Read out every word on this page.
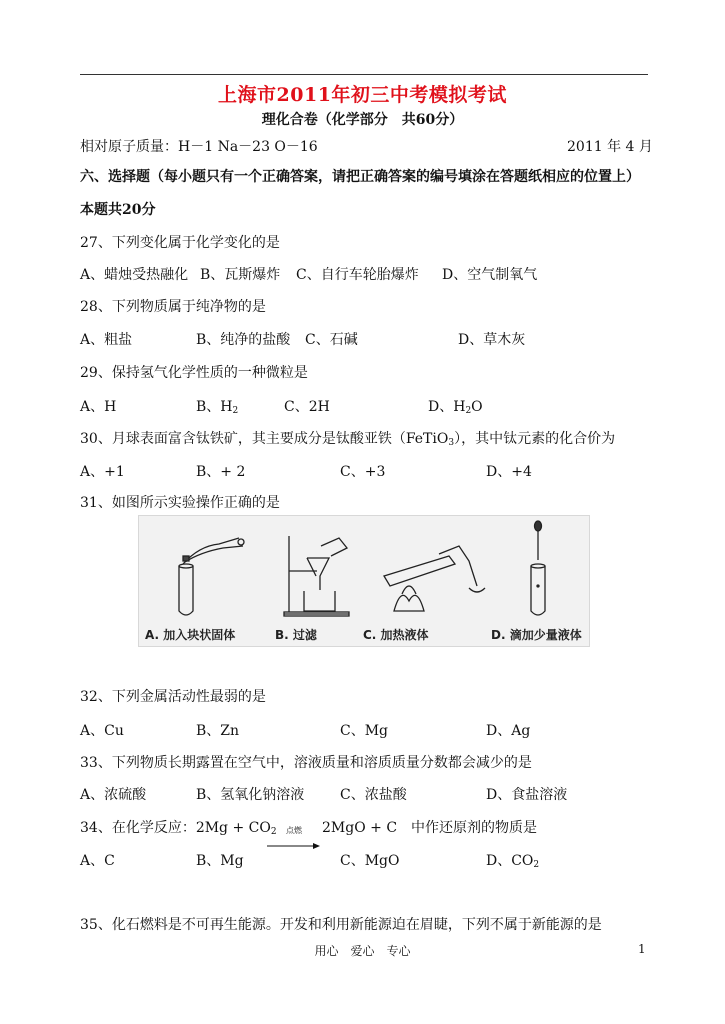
上海市2011年初三中考模拟考试
理化合卷（化学部分　共60分）
相对原子质量：H－1 Na－23 O－16	2011 年 4 月
六、选择题（每小题只有一个正确答案，请把正确答案的编号填涂在答题纸相应的位置上）
本题共20分
27、下列变化属于化学变化的是
A、蜡烛受热融化 B、瓦斯爆炸 C、自行车轮胎爆炸 D、空气制氧气
28、下列物质属于纯净物的是
A、粗盐	B、纯净的盐酸 C、石碱	D、草木灰
29、保持氢气化学性质的一种微粒是
A、H	B、$H_2$	C、2H	D、$H_2O$
30、月球表面富含钛铁矿，其主要成分是钛酸亚铁（FeTiO$_3$），其中钛元素的化合价为
A、+1	B、+ 2	C、+3	D、+4
31、如图所示实验操作正确的是
A. 加入块状固体	B. 过滤	C. 加热液体	D. 滴加少量液体
32、下列金属活动性最弱的是
A、Cu	B、Zn	C、Mg	D、Ag
33、下列物质长期露置在空气中，溶液质量和溶质质量分数都会减少的是
A、浓硫酸	B、氢氧化钠溶液	C、浓盐酸	D、食盐溶液
34、在化学反应：$2Mg + CO_2$	点燃	2MgO + C　中作还原剂的物质是
A、C	B、Mg	C、MgO	D、$CO_2$
35、化石燃料是不可再生能源。开发和利用新能源迫在眉睫，下列不属于新能源的是
用心　爱心　专心	1
